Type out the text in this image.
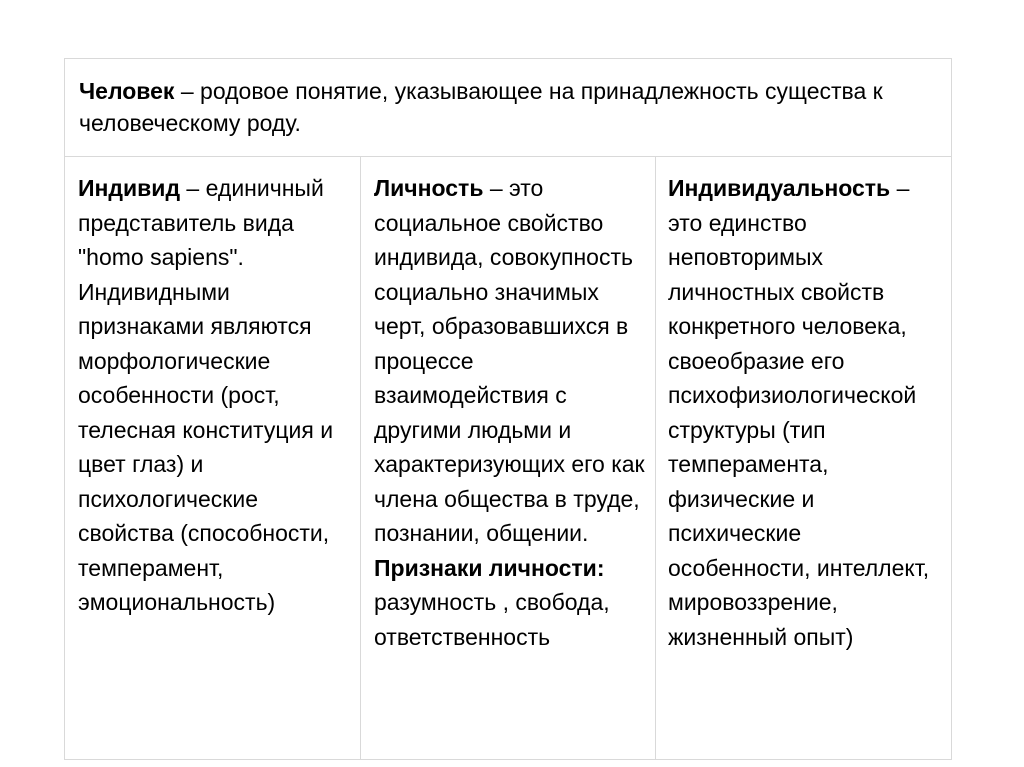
Человек – родовое понятие, указывающее на принадлежность существа к человеческому роду.
Индивид – единичный представитель вида "homo sapiens". Индивидными признаками являются морфологические особенности (рост, телесная конституция и цвет глаз) и психологические свойства (способности, темперамент, эмоциональность)
Личность – это социальное свойство индивида, совокупность социально значимых черт, образовавшихся в процессе взаимодействия с другими людьми и характеризующих его как члена общества в труде, познании, общении.
Признаки личности: разумность , свобода, ответственность
Индивидуальность – это единство неповторимых личностных свойств конкретного человека, своеобразие его психофизиологической структуры (тип темперамента, физические и психические особенности, интеллект, мировоззрение, жизненный опыт)
